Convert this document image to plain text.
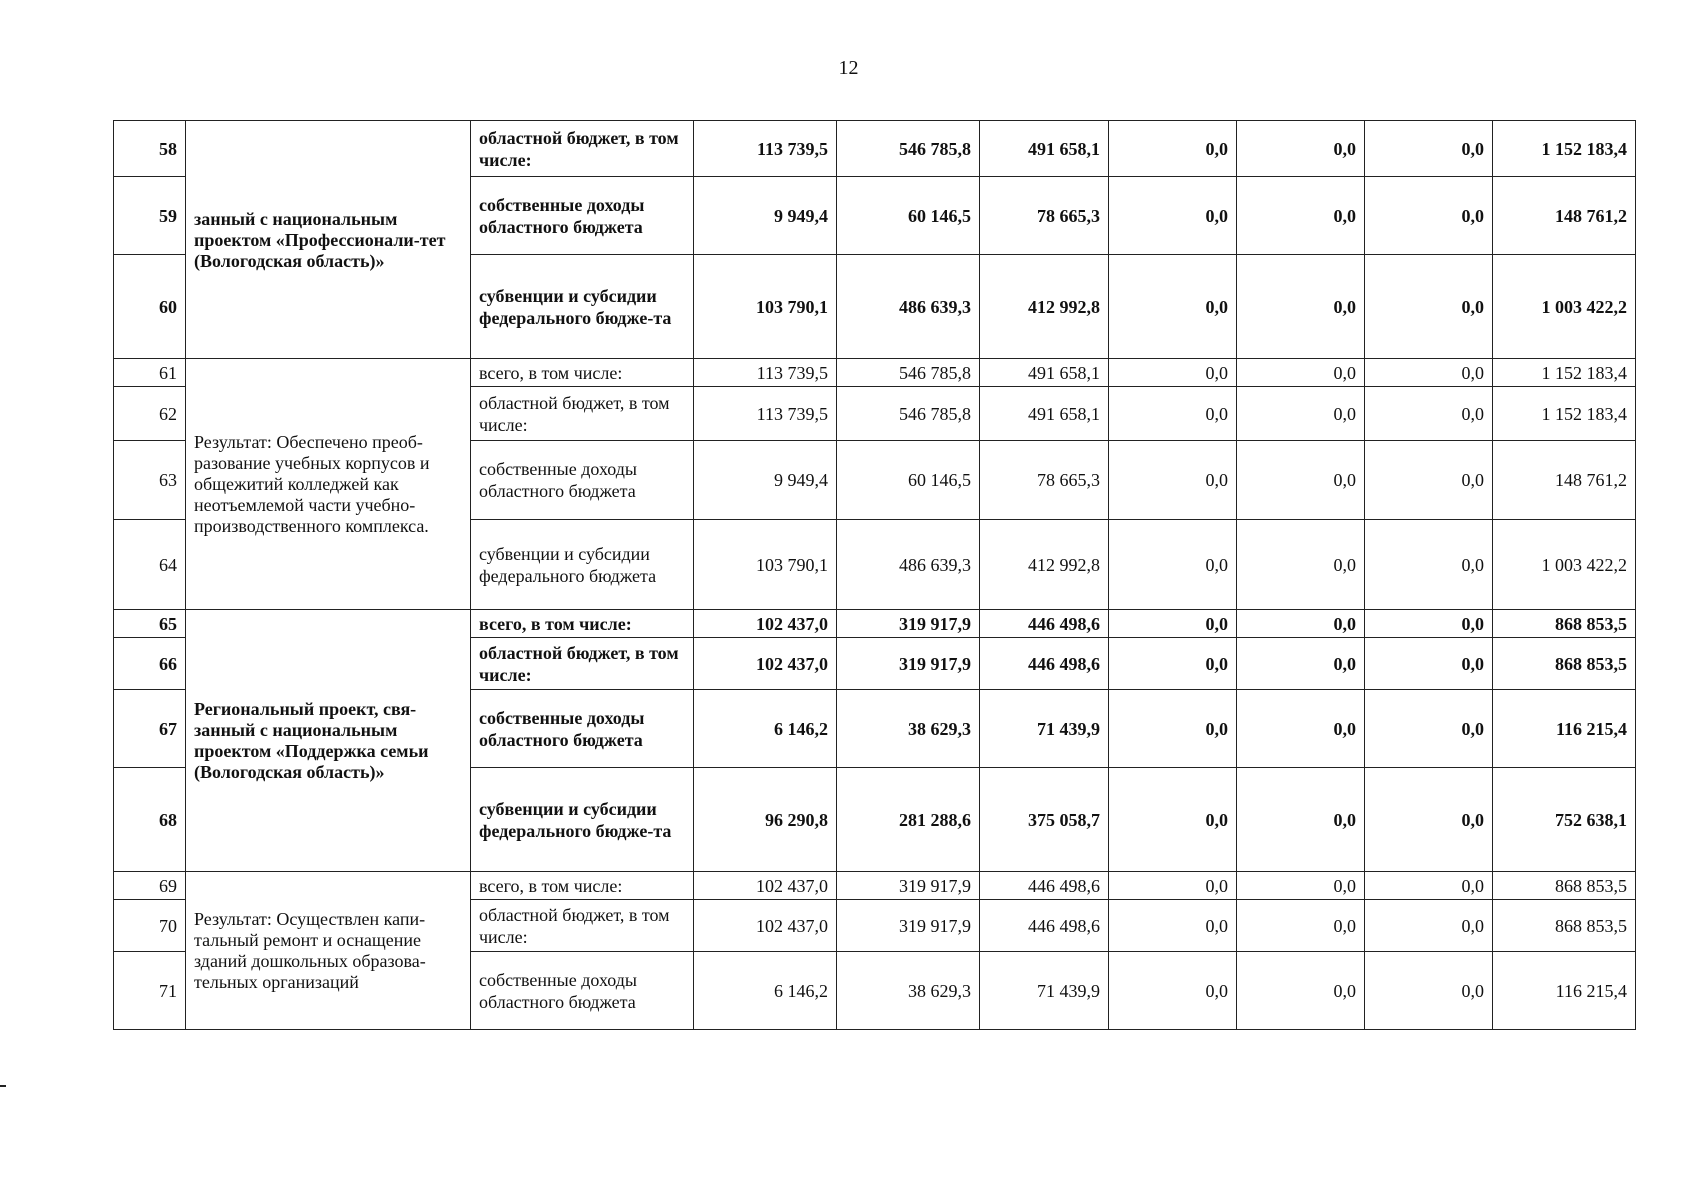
12
58	занный с национальным проектом «Профессионали-тет (Вологодская область)»	областной бюджет, в том числе:	113 739,5	546 785,8	491 658,1	0,0	0,0	0,0	1 152 183,4
59		собственные доходы областного бюджета	9 949,4	60 146,5	78 665,3	0,0	0,0	0,0	148 761,2
60		субвенции и субсидии федерального бюдже-та	103 790,1	486 639,3	412 992,8	0,0	0,0	0,0	1 003 422,2
61	Результат: Обеспечено преоб-разование учебных корпусов и общежитий колледжей как неотъемлемой части учебно-производственного комплекса.	всего, в том числе:	113 739,5	546 785,8	491 658,1	0,0	0,0	0,0	1 152 183,4
62		областной бюджет, в том числе:	113 739,5	546 785,8	491 658,1	0,0	0,0	0,0	1 152 183,4
63		собственные доходы областного бюджета	9 949,4	60 146,5	78 665,3	0,0	0,0	0,0	148 761,2
64		субвенции и субсидии федерального бюджета	103 790,1	486 639,3	412 992,8	0,0	0,0	0,0	1 003 422,2
65	Региональный проект, свя-занный с национальным проектом «Поддержка семьи (Вологодская область)»	всего, в том числе:	102 437,0	319 917,9	446 498,6	0,0	0,0	0,0	868 853,5
66		областной бюджет, в том числе:	102 437,0	319 917,9	446 498,6	0,0	0,0	0,0	868 853,5
67		собственные доходы областного бюджета	6 146,2	38 629,3	71 439,9	0,0	0,0	0,0	116 215,4
68		субвенции и субсидии федерального бюдже-та	96 290,8	281 288,6	375 058,7	0,0	0,0	0,0	752 638,1
69	Результат: Осуществлен капи-тальный ремонт и оснащение зданий дошкольных образова-тельных организаций	всего, в том числе:	102 437,0	319 917,9	446 498,6	0,0	0,0	0,0	868 853,5
70		областной бюджет, в том числе:	102 437,0	319 917,9	446 498,6	0,0	0,0	0,0	868 853,5
71		собственные доходы областного бюджета	6 146,2	38 629,3	71 439,9	0,0	0,0	0,0	116 215,4
